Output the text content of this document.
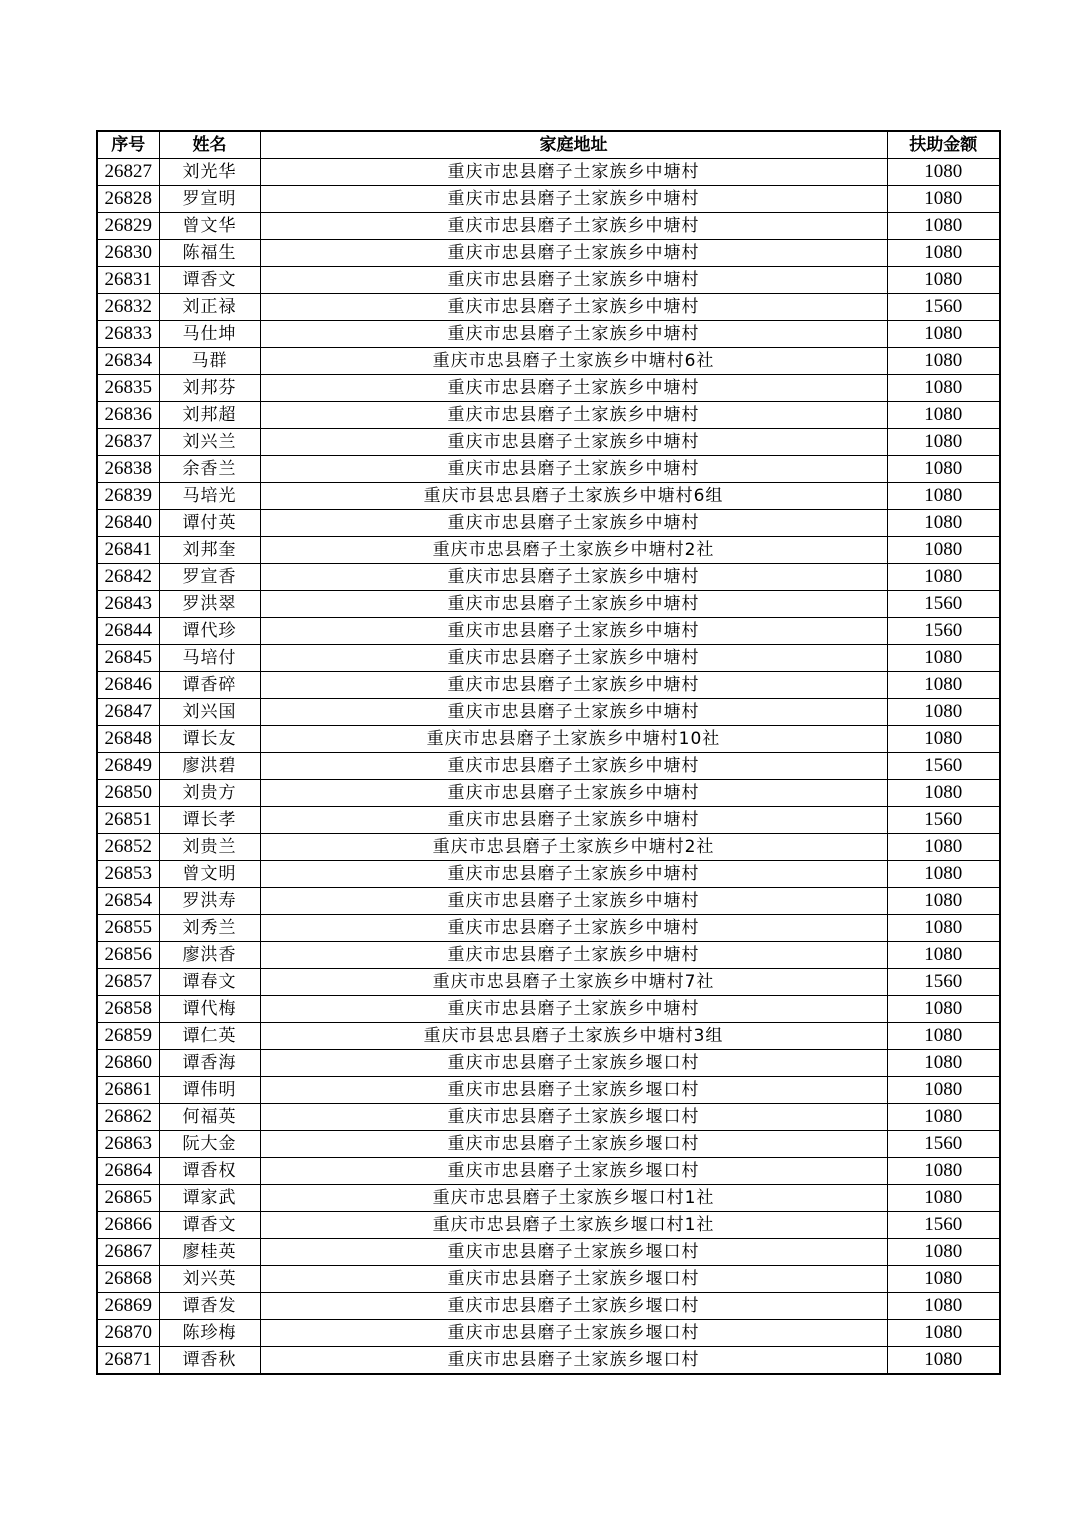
序号	姓名	家庭地址	扶助金额
26827	刘光华	重庆市忠县磨子土家族乡中塘村	1080
26828	罗宣明	重庆市忠县磨子土家族乡中塘村	1080
26829	曾文华	重庆市忠县磨子土家族乡中塘村	1080
26830	陈福生	重庆市忠县磨子土家族乡中塘村	1080
26831	谭香文	重庆市忠县磨子土家族乡中塘村	1080
26832	刘正禄	重庆市忠县磨子土家族乡中塘村	1560
26833	马仕坤	重庆市忠县磨子土家族乡中塘村	1080
26834	马群	重庆市忠县磨子土家族乡中塘村6社	1080
26835	刘邦芬	重庆市忠县磨子土家族乡中塘村	1080
26836	刘邦超	重庆市忠县磨子土家族乡中塘村	1080
26837	刘兴兰	重庆市忠县磨子土家族乡中塘村	1080
26838	余香兰	重庆市忠县磨子土家族乡中塘村	1080
26839	马培光	重庆市县忠县磨子土家族乡中塘村6组	1080
26840	谭付英	重庆市忠县磨子土家族乡中塘村	1080
26841	刘邦奎	重庆市忠县磨子土家族乡中塘村2社	1080
26842	罗宣香	重庆市忠县磨子土家族乡中塘村	1080
26843	罗洪翠	重庆市忠县磨子土家族乡中塘村	1560
26844	谭代珍	重庆市忠县磨子土家族乡中塘村	1560
26845	马培付	重庆市忠县磨子土家族乡中塘村	1080
26846	谭香碎	重庆市忠县磨子土家族乡中塘村	1080
26847	刘兴国	重庆市忠县磨子土家族乡中塘村	1080
26848	谭长友	重庆市忠县磨子土家族乡中塘村10社	1080
26849	廖洪碧	重庆市忠县磨子土家族乡中塘村	1560
26850	刘贵方	重庆市忠县磨子土家族乡中塘村	1080
26851	谭长孝	重庆市忠县磨子土家族乡中塘村	1560
26852	刘贵兰	重庆市忠县磨子土家族乡中塘村2社	1080
26853	曾文明	重庆市忠县磨子土家族乡中塘村	1080
26854	罗洪寿	重庆市忠县磨子土家族乡中塘村	1080
26855	刘秀兰	重庆市忠县磨子土家族乡中塘村	1080
26856	廖洪香	重庆市忠县磨子土家族乡中塘村	1080
26857	谭春文	重庆市忠县磨子土家族乡中塘村7社	1560
26858	谭代梅	重庆市忠县磨子土家族乡中塘村	1080
26859	谭仁英	重庆市县忠县磨子土家族乡中塘村3组	1080
26860	谭香海	重庆市忠县磨子土家族乡堰口村	1080
26861	谭伟明	重庆市忠县磨子土家族乡堰口村	1080
26862	何福英	重庆市忠县磨子土家族乡堰口村	1080
26863	阮大金	重庆市忠县磨子土家族乡堰口村	1560
26864	谭香权	重庆市忠县磨子土家族乡堰口村	1080
26865	谭家武	重庆市忠县磨子土家族乡堰口村1社	1080
26866	谭香文	重庆市忠县磨子土家族乡堰口村1社	1560
26867	廖桂英	重庆市忠县磨子土家族乡堰口村	1080
26868	刘兴英	重庆市忠县磨子土家族乡堰口村	1080
26869	谭香发	重庆市忠县磨子土家族乡堰口村	1080
26870	陈珍梅	重庆市忠县磨子土家族乡堰口村	1080
26871	谭香秋	重庆市忠县磨子土家族乡堰口村	1080
